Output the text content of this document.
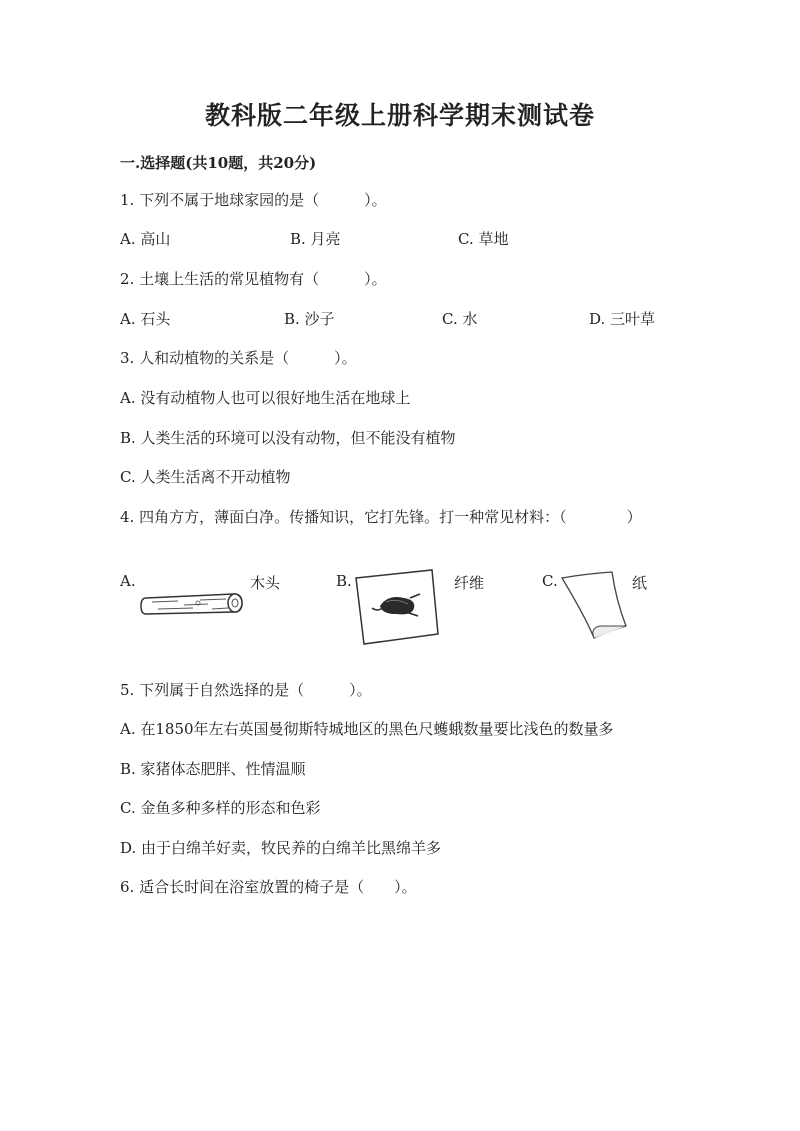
教科版二年级上册科学期末测试卷
一.选择题(共10题，共20分)
1. 下列不属于地球家园的是（　　　）。
A. 高山	B. 月亮	C. 草地
2. 土壤上生活的常见植物有（　　　）。
A. 石头	B. 沙子	C. 水	D. 三叶草
3. 人和动植物的关系是（　　　）。
A. 没有动植物人也可以很好地生活在地球上
B. 人类生活的环境可以没有动物，但不能没有植物
C. 人类生活离不开动植物
4. 四角方方，薄面白净。传播知识，它打先锋。打一种常见材料：（　　　　）
A.	木头	B.	纤维	C.	纸
5. 下列属于自然选择的是（　　　）。
A. 在1850年左右英国曼彻斯特城地区的黑色尺蠖蛾数量要比浅色的数量多
B. 家猪体态肥胖、性情温顺
C. 金鱼多种多样的形态和色彩
D. 由于白绵羊好卖，牧民养的白绵羊比黑绵羊多
6. 适合长时间在浴室放置的椅子是（　　）。
